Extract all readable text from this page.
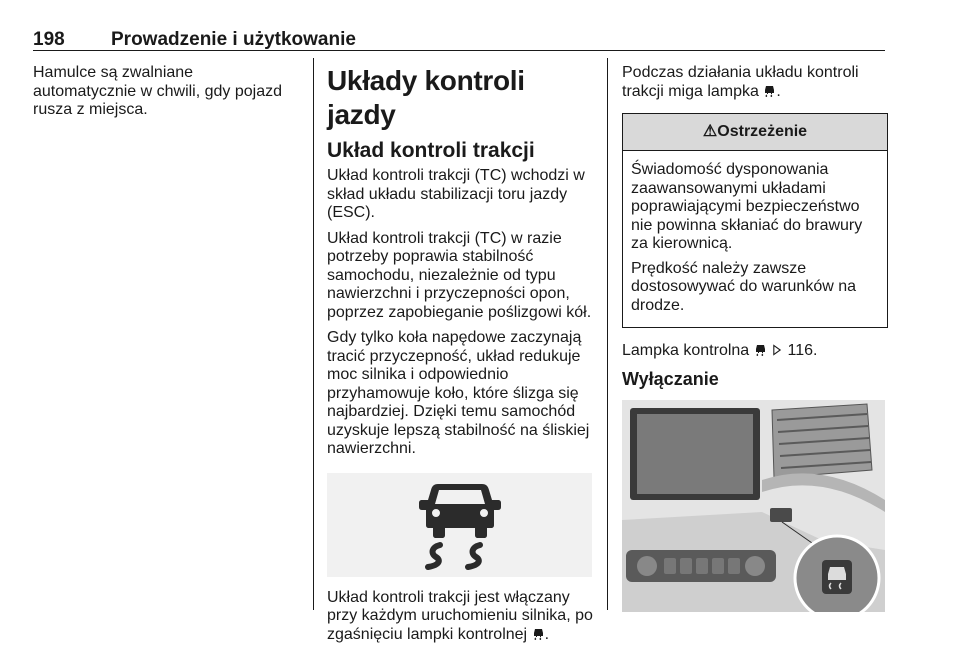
198 Prowadzenie i użytkowanie

Hamulce są zwalniane automatycznie w chwili, gdy pojazd rusza z miejsca.

Układy kontroli jazdy
Układ kontroli trakcji

Układ kontroli trakcji (TC) wchodzi w skład układu stabilizacji toru jazdy (ESC).

Układ kontroli trakcji (TC) w razie potrzeby poprawia stabilność samochodu, niezależnie od typu nawierzchni i przyczepności opon, poprzez zapobieganie poślizgowi kół.

Gdy tylko koła napędowe zaczynają tracić przyczepność, układ redukuje moc silnika i odpowiednio przyhamowuje koło, które ślizga się najbardziej. Dzięki temu samochód uzyskuje lepszą stabilność na śliskiej nawierzchni.

Układ kontroli trakcji jest włączany przy każdym uruchomieniu silnika, po zgaśnięciu lampki kontrolnej .

Podczas działania układu kontroli trakcji miga lampka .

⚠ Ostrzeżenie

Świadomość dysponowania zaawansowanymi układami poprawiającymi bezpieczeństwo nie powinna skłaniać do brawury za kierownicą.

Prędkość należy zawsze dostosowywać do warunków na drodze.

Lampka kontrolna 116.

Wyłączanie
